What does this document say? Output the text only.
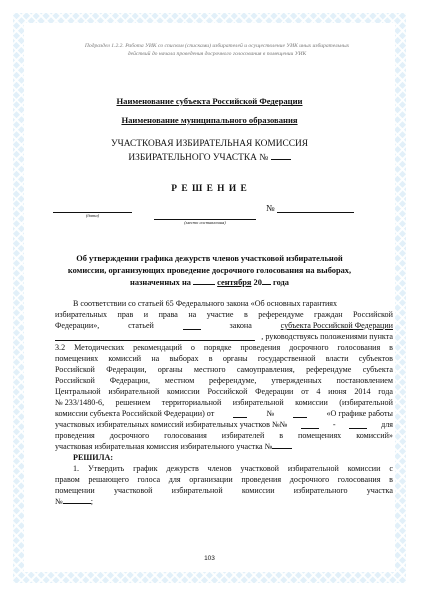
Подраздел 1.2.2. Работа УИК со списком (списками) избирателей и осуществление УИК иных избирательных
действий до начала проведения досрочного голосования в помещении УИК
Наименование субъекта Российской Федерации
Наименование муниципального образования
УЧАСТКОВАЯ ИЗБИРАТЕЛЬНАЯ КОМИССИЯ
ИЗБИРАТЕЛЬНОГО УЧАСТКА №
Р Е Ш Е Н И Е
(дата)
№
(место составления)
Об утверждении графика дежурств членов участковой избирательной
комиссии, организующих проведение досрочного голосования на выборах,
назначенных на	сентября 20 года
В соответствии со статьей 65 Федерального закона «Об основных гарантиях
избирательных прав и права на участие в референдуме граждан Российской
Федерации»,	статьей	закона	субъекта Российской Федерации
, руководствуясь положениями пункта
3.2 Методических рекомендаций о порядке проведения досрочного голосования в
помещениях комиссий на выборах в органы государственной власти субъектов
Российской Федерации, органы местного самоуправления, референдуме субъекта
Российской Федерации, местном референдуме, утвержденных постановлением
Центральной избирательной комиссии Российской Федерации от 4 июня 2014 года
№ 233/1480-6, решением территориальной избирательной комиссии (избирательной
комиссии субъекта Российской Федерации) от	№	«О графике работы
участковых избирательных комиссий избирательных участков №№	-	для
проведения досрочного голосования избирателей в помещениях комиссий»
участковая избирательная комиссия избирательного участка №
РЕШИЛА:
1. Утвердить график дежурств членов участковой избирательной комиссии с
правом решающего голоса для организации проведения досрочного голосования в
помещении участковой избирательной комиссии избирательного участка
№	;
103
